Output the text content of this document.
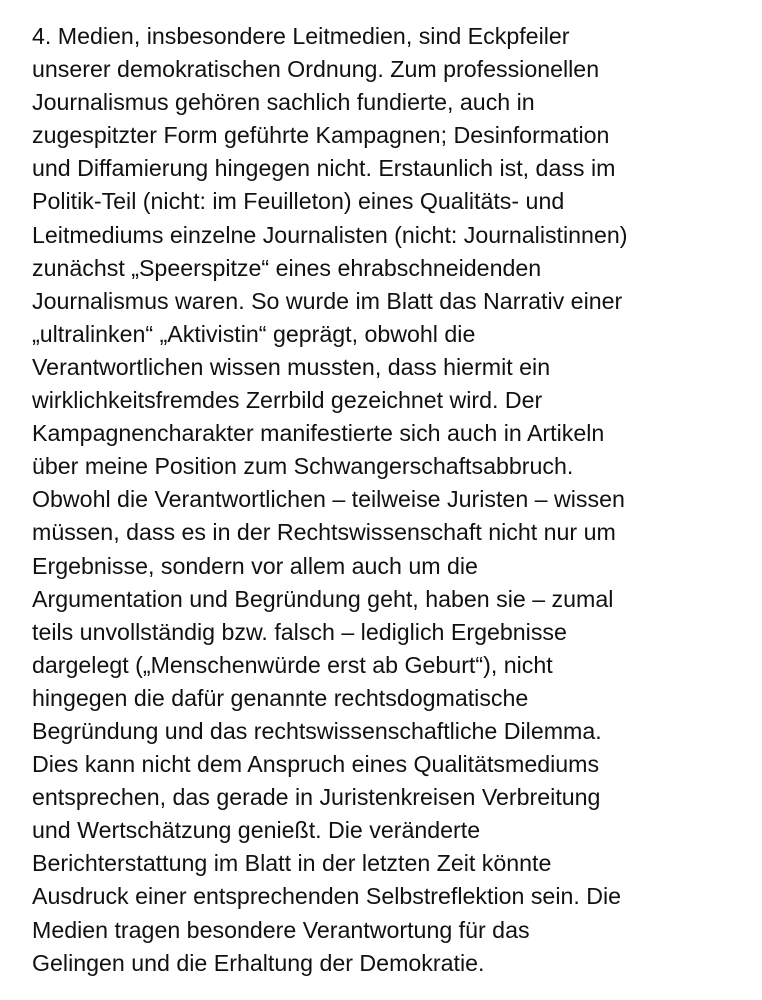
4. Medien, insbesondere Leitmedien, sind Eckpfeiler
unserer demokratischen Ordnung. Zum professionellen
Journalismus gehören sachlich fundierte, auch in
zugespitzter Form geführte Kampagnen; Desinformation
und Diffamierung hingegen nicht. Erstaunlich ist, dass im
Politik-Teil (nicht: im Feuilleton) eines Qualitäts- und
Leitmediums einzelne Journalisten (nicht: Journalistinnen)
zunächst „Speerspitze“ eines ehrabschneidenden
Journalismus waren. So wurde im Blatt das Narrativ einer
„ultralinken“ „Aktivistin“ geprägt, obwohl die
Verantwortlichen wissen mussten, dass hiermit ein
wirklichkeitsfremdes Zerrbild gezeichnet wird. Der
Kampagnencharakter manifestierte sich auch in Artikeln
über meine Position zum Schwangerschaftsabbruch.
Obwohl die Verantwortlichen – teilweise Juristen – wissen
müssen, dass es in der Rechtswissenschaft nicht nur um
Ergebnisse, sondern vor allem auch um die
Argumentation und Begründung geht, haben sie – zumal
teils unvollständig bzw. falsch – lediglich Ergebnisse
dargelegt („Menschenwürde erst ab Geburt“), nicht
hingegen die dafür genannte rechtsdogmatische
Begründung und das rechtswissenschaftliche Dilemma.
Dies kann nicht dem Anspruch eines Qualitätsmediums
entsprechen, das gerade in Juristenkreisen Verbreitung
und Wertschätzung genießt. Die veränderte
Berichterstattung im Blatt in der letzten Zeit könnte
Ausdruck einer entsprechenden Selbstreflektion sein. Die
Medien tragen besondere Verantwortung für das
Gelingen und die Erhaltung der Demokratie.
